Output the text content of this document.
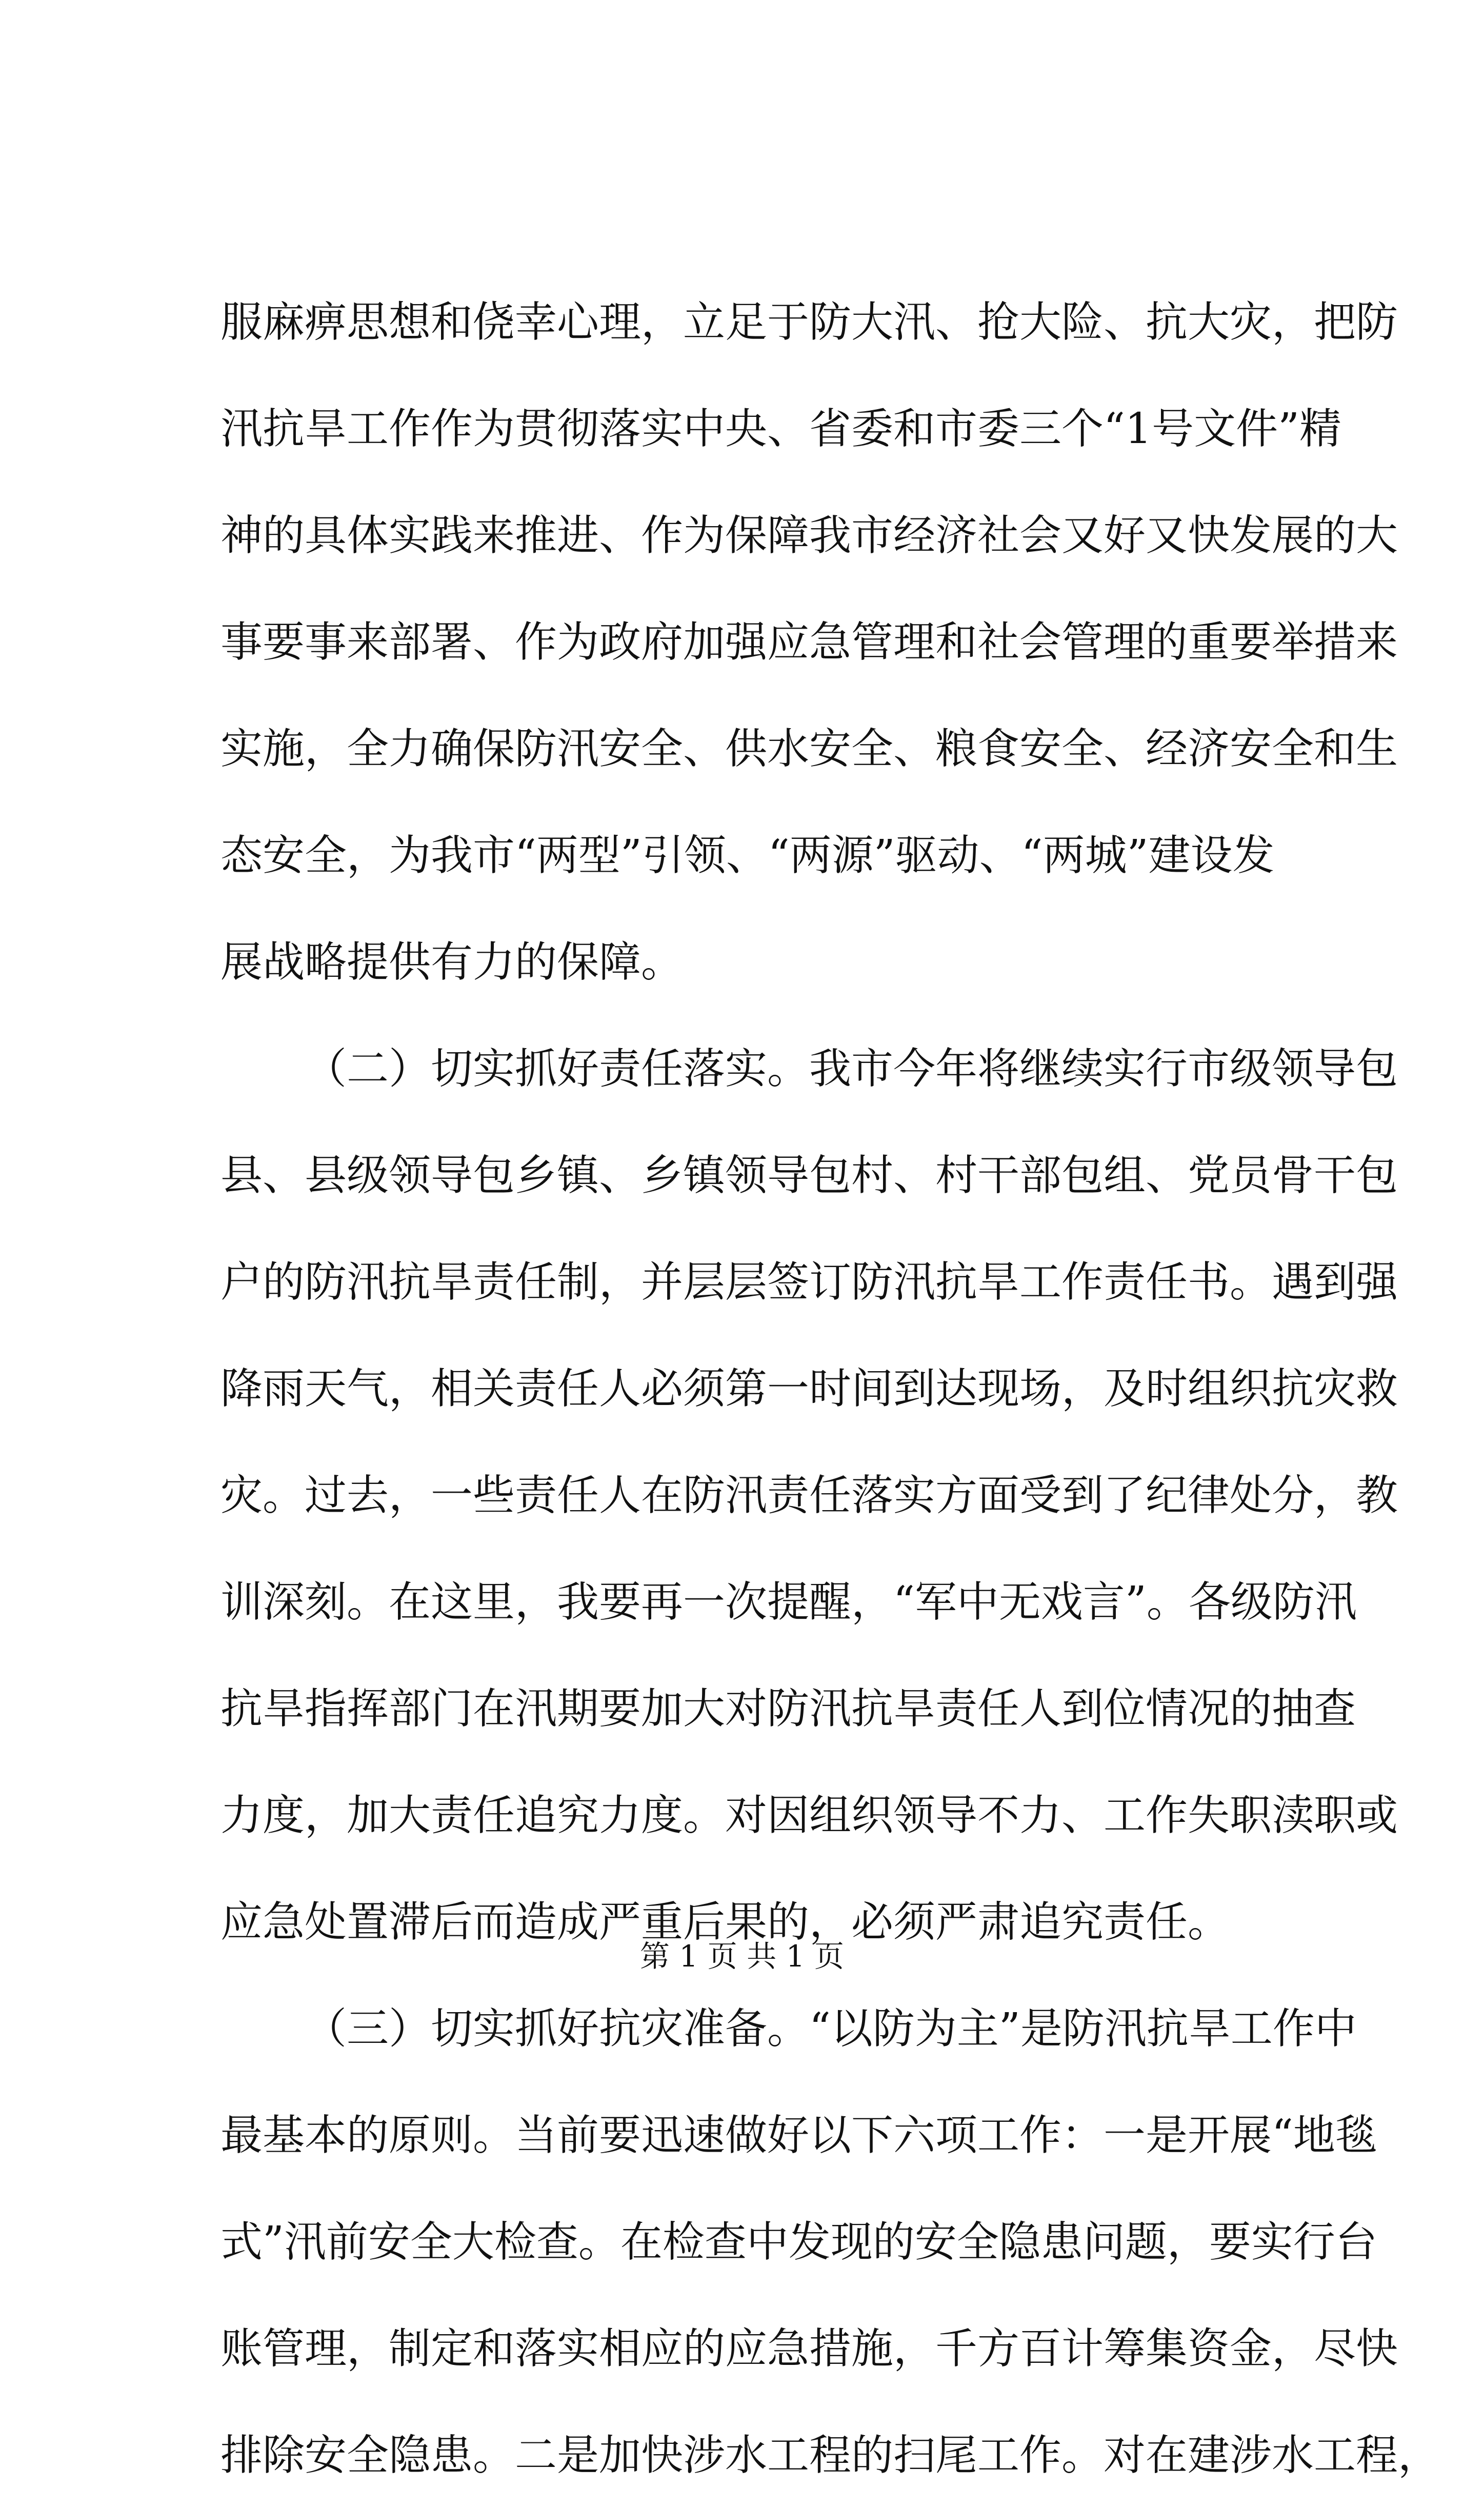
服麻痹思想和侥幸心理，立足于防大汛、抢大险、抗大灾，把防
汛抗旱工作作为贯彻落实中央、省委和市委三个“1号文件”精
神的具体实践来推进、作为保障我市经济社会又好又快发展的大
事要事来部署、作为政府加强应急管理和社会管理的重要举措来
实施，全力确保防汛安全、供水安全、粮食安全、经济安全和生
态安全，为我市“两型”引领、“两源”驱动、“两城”建设发
展战略提供有力的保障。
（二）切实抓好责任落实。我市今年将继续实行市级领导包
县、县级领导包乡镇、乡镇领导包村、村干部包组、党员骨干包
户的防汛抗旱责任制，并层层签订防汛抗旱工作责任书。遇到强
降雨天气，相关责任人必须第一时间到达现场，及时组织抗灾救
灾。过去，一些责任人在防汛责任落实方面受到了纪律处分，教
训深刻。在这里，我要再一次提醒，“军中无戏言”。各级防汛
抗旱指挥部门在汛期要加大对防汛抗旱责任人到位情况的抽查
力度，加大责任追究力度。对因组织领导不力、工作失职渎职或
应急处置滞后而造成严重后果的，必须严肃追究责任。
（三）切实抓好抗灾准备。“以防为主”是防汛抗旱工作中
最基本的原则。当前要迅速做好以下六项工作：一是开展“地毯
式”汛前安全大检查。在检查中发现的安全隐患问题，要实行台
账管理，制定和落实相应的应急措施，千方百计筹集资金，尽快
排除安全隐患。二是加快涉水工程的扫尾工作。对在建涉水工程，
第 1 页 共 1 页
